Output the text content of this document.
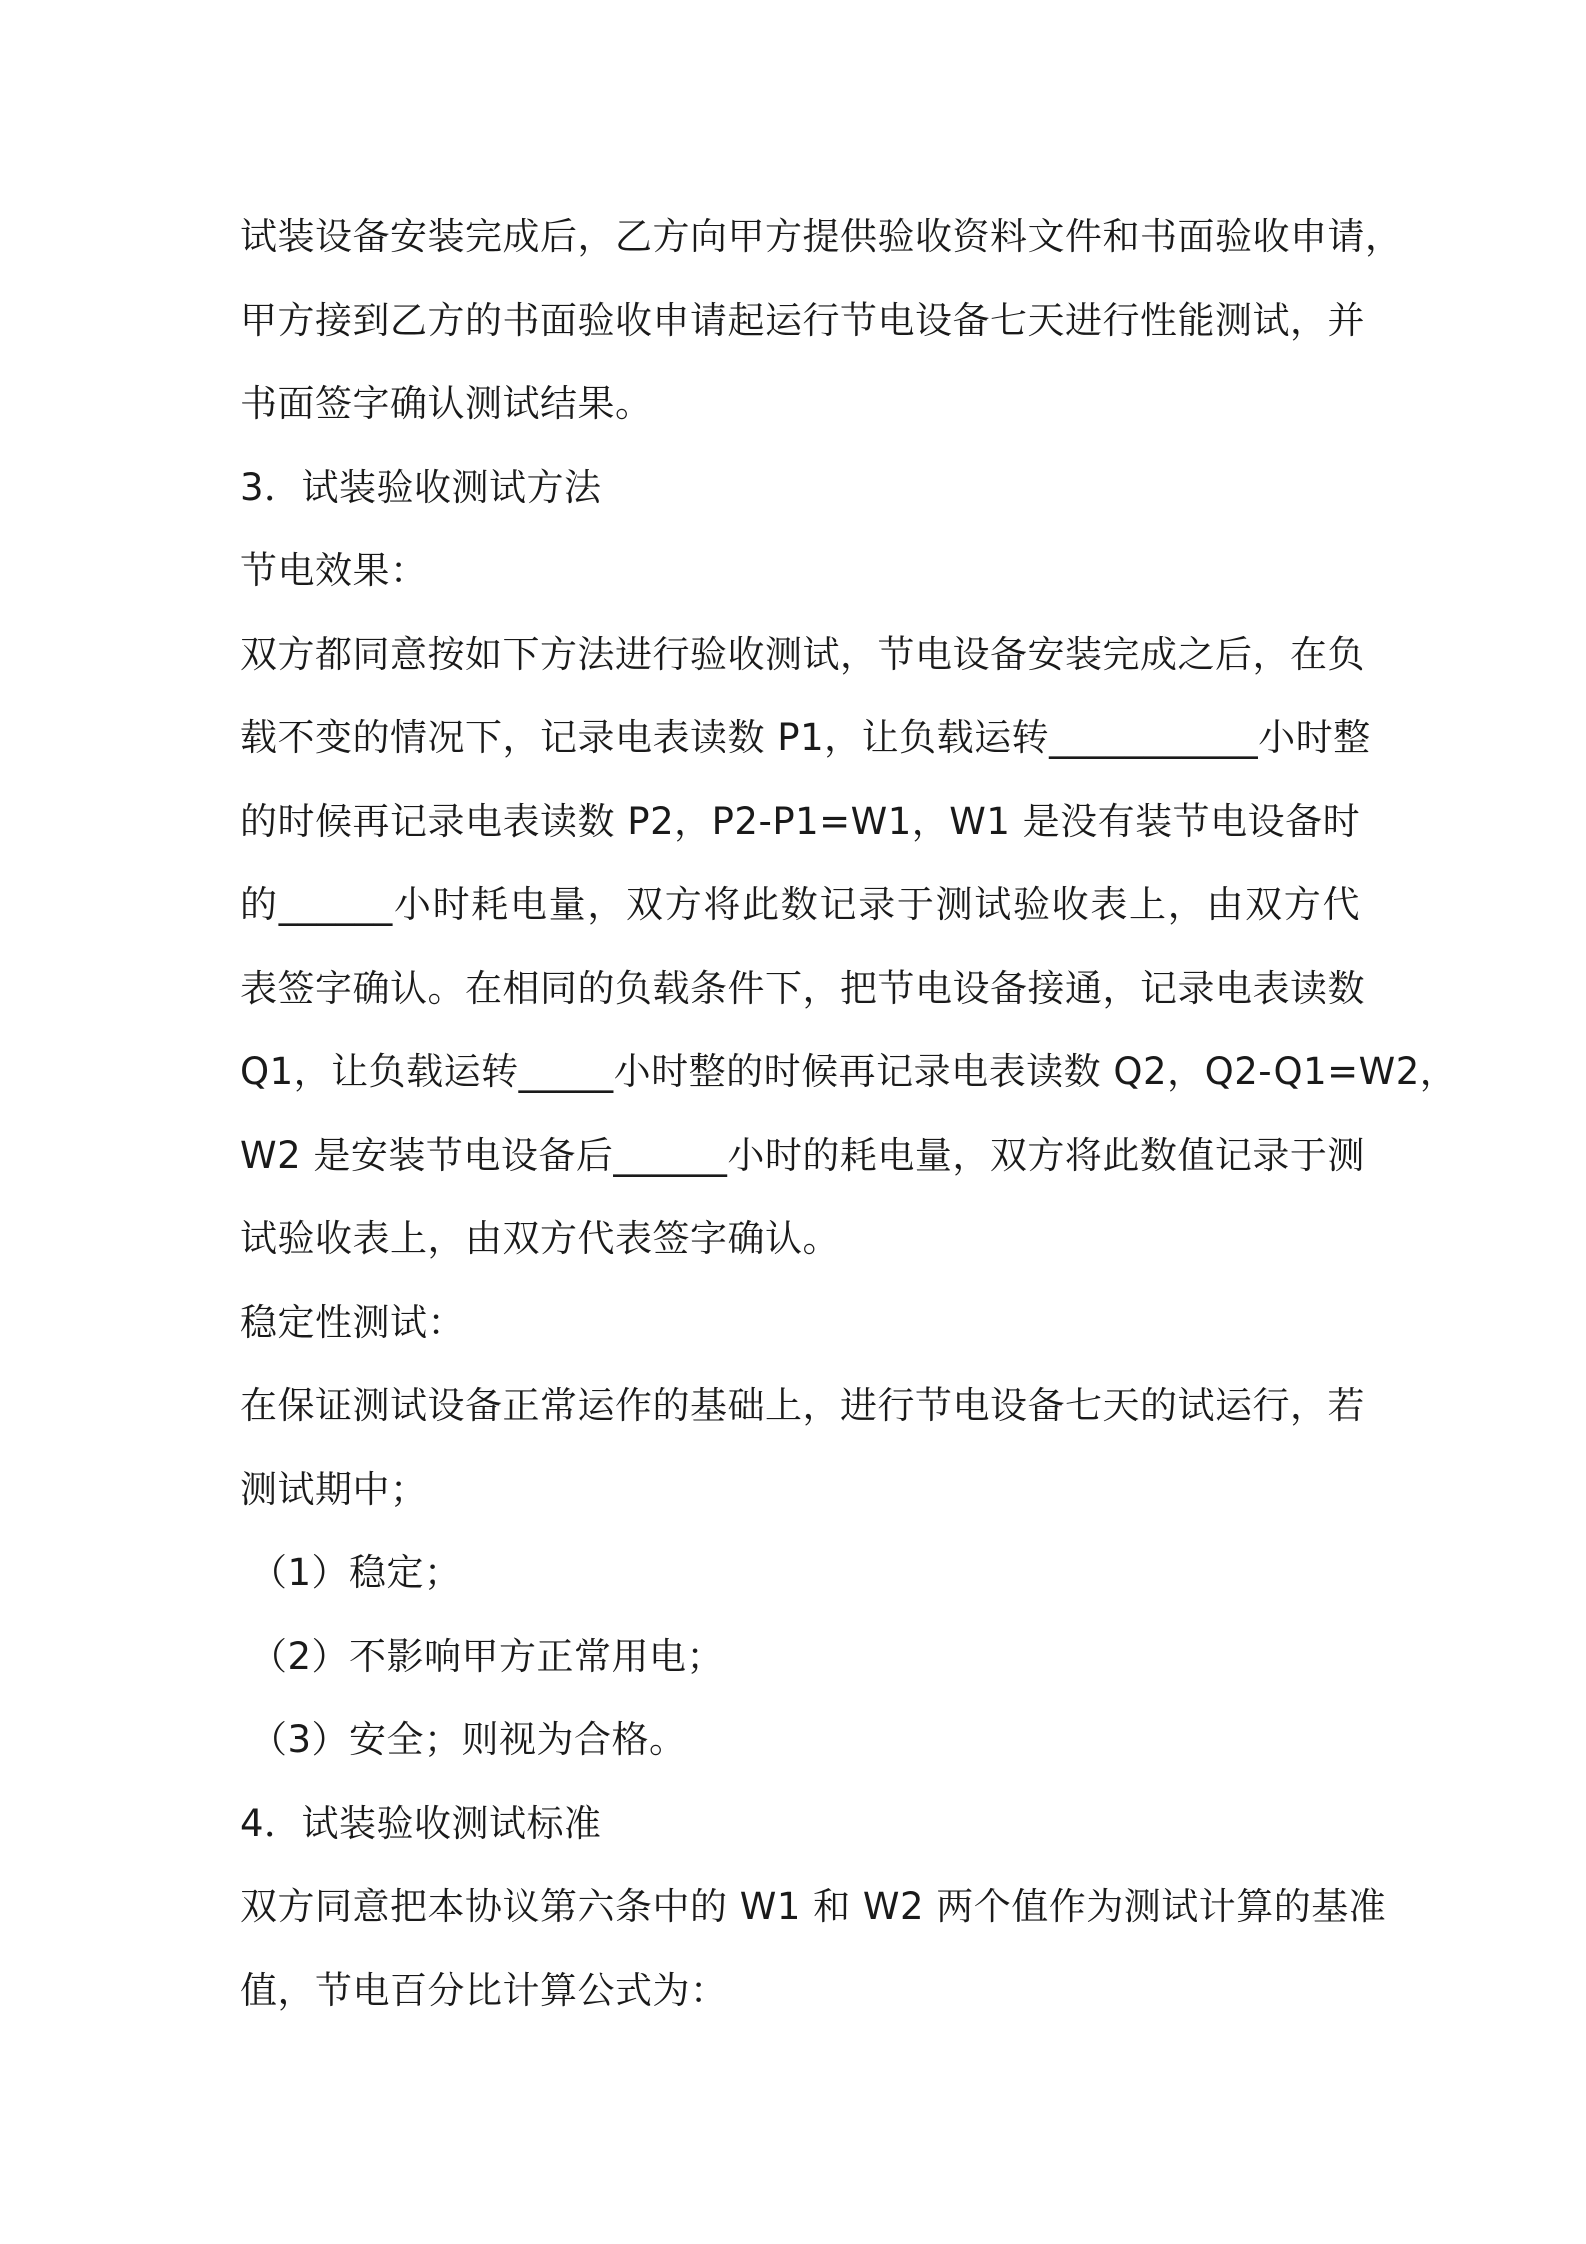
试装设备安装完成后，乙方向甲方提供验收资料文件和书面验收申请，
甲方接到乙方的书面验收申请起运行节电设备七天进行性能测试，并
书面签字确认测试结果。
3．试装验收测试方法
节电效果：
双方都同意按如下方法进行验收测试，节电设备安装完成之后，在负
载不变的情况下，记录电表读数 P1，让负载运转___________小时整
的时候再记录电表读数 P2，P2-P1=W1，W1 是没有装节电设备时
的______小时耗电量，双方将此数记录于测试验收表上，由双方代
表签字确认。在相同的负载条件下，把节电设备接通，记录电表读数
Q1，让负载运转_____小时整的时候再记录电表读数 Q2，Q2-Q1=W2，
W2 是安装节电设备后______小时的耗电量，双方将此数值记录于测
试验收表上，由双方代表签字确认。
稳定性测试：
在保证测试设备正常运作的基础上，进行节电设备七天的试运行，若
测试期中；
（1）稳定；
（2）不影响甲方正常用电；
（3）安全；则视为合格。
4．试装验收测试标准
双方同意把本协议第六条中的 W1 和 W2 两个值作为测试计算的基准
值，节电百分比计算公式为：
